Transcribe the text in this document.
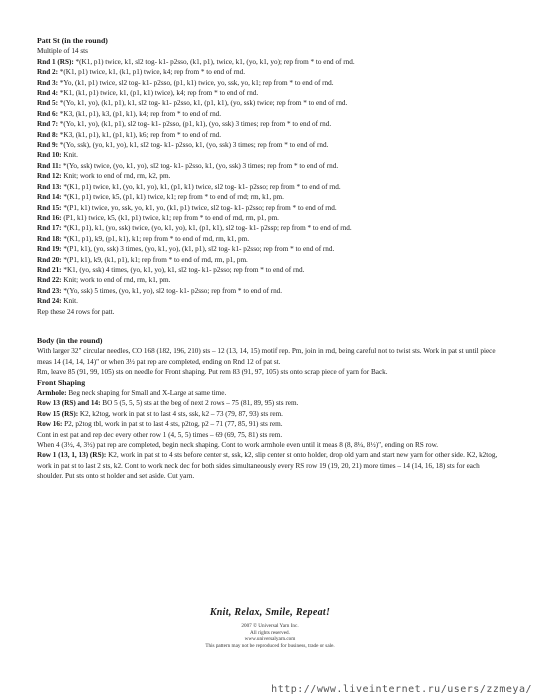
Patt St (in the round)
Multiple of 14 sts
Rnd 1 (RS): *(K1, p1) twice, k1, sl2 tog- k1- p2sso, (k1, p1), twice, k1, (yo, k1, yo); rep from * to end of rnd.
Rnd 2: *(K1, p1) twice, k1, (k1, p1) twice, k4; rep from * to end of rnd.
Rnd 3: *Yo, (k1, p1) twice, sl2 tog- k1- p2sso, (p1, k1) twice, yo, ssk, yo, k1; rep from * to end of rnd.
Rnd 4: *K1, (k1, p1) twice, k1, (p1, k1) twice), k4; rep from * to end of rnd.
Rnd 5: *(Yo, k1, yo), (k1, p1), k1, sl2 tog- k1- p2sso, k1, (p1, k1), (yo, ssk) twice; rep from * to end of rnd.
Rnd 6: *K3, (k1, p1), k3, (p1, k1), k4; rep from * to end of rnd.
Rnd 7: *(Yo, k1, yo), (k1, p1), sl2 tog- k1- p2sso, (p1, k1), (yo, ssk) 3 times; rep from * to end of rnd.
Rnd 8: *K3, (k1, p1), k1, (p1, k1), k6; rep from * to end of rnd.
Rnd 9: *(Yo, ssk), (yo, k1, yo), k1, sl2 tog- k1- p2sso, k1, (yo, ssk) 3 times; rep from * to end of rnd.
Rnd 10: Knit.
Rnd 11: *(Yo, ssk) twice, (yo, k1, yo), sl2 tog- k1- p2sso, k1, (yo, ssk) 3 times; rep from * to end of rnd.
Rnd 12: Knit; work to end of rnd, rm, k2, pm.
Rnd 13: *(K1, p1) twice, k1, (yo, k1, yo), k1, (p1, k1) twice, sl2 tog- k1- p2sso; rep from * to end of rnd.
Rnd 14: *(K1, p1) twice, k5, (p1, k1) twice, k1; rep from * to end of rnd; rm, k1, pm.
Rnd 15: *(P1, k1) twice, yo, ssk, yo, k1, yo, (k1, p1) twice, sl2 tog- k1- p2sso; rep from * to end of rnd.
Rnd 16: (P1, k1) twice, k5, (k1, p1) twice, k1; rep from * to end of rnd, rm, p1, pm.
Rnd 17: *(K1, p1), k1, (yo, ssk) twice, (yo, k1, yo), k1, (p1, k1), sl2 tog- k1- p2ssp; rep from * to end of rnd.
Rnd 18: *(K1, p1), k9, (p1, k1), k1; rep from * to end of rnd, rm, k1, pm.
Rnd 19: *(P1, k1), (yo, ssk) 3 times, (yo, k1, yo), (k1, p1), sl2 tog- k1- p2sso; rep from * to end of rnd.
Rnd 20: *(P1, k1), k9, (k1, p1), k1; rep from * to end of rnd, rm, p1, pm.
Rnd 21: *K1, (yo, ssk) 4 times, (yo, k1, yo), k1, sl2 tog- k1- p2sso; rep from * to end of rnd.
Rnd 22: Knit; work to end of rnd, rm, k1, pm.
Rnd 23: *(Yo, ssk) 5 times, (yo, k1, yo), sl2 tog- k1- p2sso; rep from * to end of rnd.
Rnd 24: Knit.
Rep these 24 rows for patt.
Body (in the round)
With larger 32" circular needles, CO 168 (182, 196, 210) sts – 12 (13, 14, 15) motif rep. Pm, join in rnd, being careful not to twist sts. Work in pat st until piece meas 14 (14, 14, 14)" or when 3½ pat rep are completed, ending on Rnd 12 of pat st.
Rm, leave 85 (91, 99, 105) sts on needle for Front shaping. Put rem 83 (91, 97, 105) sts onto scrap piece of yarn for Back.
Front Shaping
Armhole: Beg neck shaping for Small and X-Large at same time.
Row 13 (RS) and 14: BO 5 (5, 5, 5) sts at the beg of next 2 rows – 75 (81, 89, 95) sts rem.
Row 15 (RS): K2, k2tog, work in pat st to last 4 sts, ssk, k2 – 73 (79, 87, 93) sts rem.
Row 16: P2, p2tog tbl, work in pat st to last 4 sts, p2tog, p2 – 71 (77, 85, 91) sts rem.
Cont in est pat and rep dec every other row 1 (4, 5, 5) times – 69 (69, 75, 81) sts rem.
When 4 (3½, 4, 3½) pat rep are completed, begin neck shaping. Cont to work armhole even until it meas 8 (8, 8¼, 8½)", ending on RS row.
Row 1 (13, 1, 13) (RS): K2, work in pat st to 4 sts before center st, ssk, k2, slip center st onto holder, drop old yarn and start new yarn for other side. K2, k2tog, work in pat st to last 2 sts, k2. Cont to work neck dec for both sides simultaneously every RS row 19 (19, 20, 21) more times – 14 (14, 16, 18) sts for each shoulder. Put sts onto st holder and set aside. Cut yarn.
Knit, Relax, Smile, Repeat!
2007 © Universal Yarn Inc.
All rights reserved.
www.universalyarn.com
This pattern may not be reproduced for business, trade or sale.
http://www.liveinternet.ru/users/zzmeya/
